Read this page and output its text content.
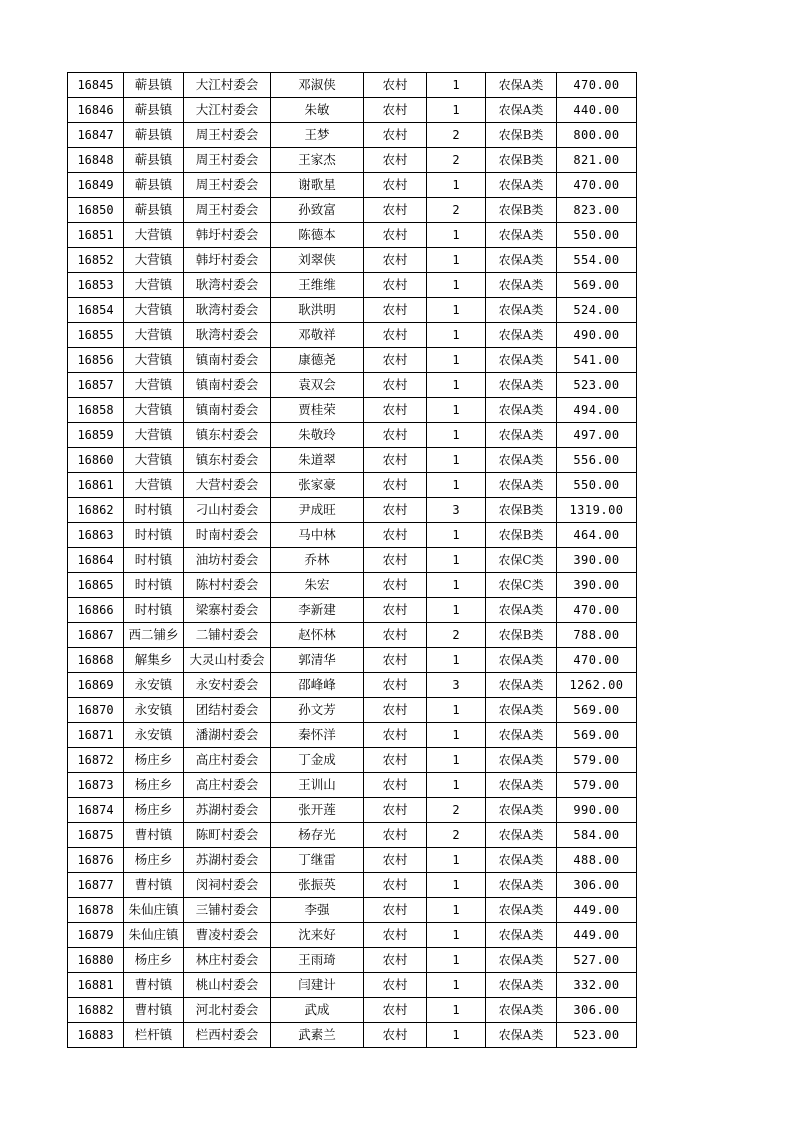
16845	蕲县镇	大江村委会	邓淑侠	农村	1	农保A类	470.00
16846	蕲县镇	大江村委会	朱敏	农村	1	农保A类	440.00
16847	蕲县镇	周王村委会	王梦	农村	2	农保B类	800.00
16848	蕲县镇	周王村委会	王家杰	农村	2	农保B类	821.00
16849	蕲县镇	周王村委会	谢歌星	农村	1	农保A类	470.00
16850	蕲县镇	周王村委会	孙致富	农村	2	农保B类	823.00
16851	大营镇	韩圩村委会	陈德本	农村	1	农保A类	550.00
16852	大营镇	韩圩村委会	刘翠侠	农村	1	农保A类	554.00
16853	大营镇	耿湾村委会	王维维	农村	1	农保A类	569.00
16854	大营镇	耿湾村委会	耿洪明	农村	1	农保A类	524.00
16855	大营镇	耿湾村委会	邓敬祥	农村	1	农保A类	490.00
16856	大营镇	镇南村委会	康德尧	农村	1	农保A类	541.00
16857	大营镇	镇南村委会	袁双会	农村	1	农保A类	523.00
16858	大营镇	镇南村委会	贾桂荣	农村	1	农保A类	494.00
16859	大营镇	镇东村委会	朱敬玲	农村	1	农保A类	497.00
16860	大营镇	镇东村委会	朱道翠	农村	1	农保A类	556.00
16861	大营镇	大营村委会	张家豪	农村	1	农保A类	550.00
16862	时村镇	刁山村委会	尹成旺	农村	3	农保B类	1319.00
16863	时村镇	时南村委会	马中林	农村	1	农保B类	464.00
16864	时村镇	油坊村委会	乔林	农村	1	农保C类	390.00
16865	时村镇	陈村村委会	朱宏	农村	1	农保C类	390.00
16866	时村镇	梁寨村委会	李新建	农村	1	农保A类	470.00
16867	西二铺乡	二铺村委会	赵怀林	农村	2	农保B类	788.00
16868	解集乡	大灵山村委会	郭清华	农村	1	农保A类	470.00
16869	永安镇	永安村委会	邵峰峰	农村	3	农保A类	1262.00
16870	永安镇	团结村委会	孙文芳	农村	1	农保A类	569.00
16871	永安镇	潘湖村委会	秦怀洋	农村	1	农保A类	569.00
16872	杨庄乡	高庄村委会	丁金成	农村	1	农保A类	579.00
16873	杨庄乡	高庄村委会	王训山	农村	1	农保A类	579.00
16874	杨庄乡	苏湖村委会	张开莲	农村	2	农保A类	990.00
16875	曹村镇	陈町村委会	杨存光	农村	2	农保A类	584.00
16876	杨庄乡	苏湖村委会	丁继雷	农村	1	农保A类	488.00
16877	曹村镇	闵祠村委会	张振英	农村	1	农保A类	306.00
16878	朱仙庄镇	三铺村委会	李强	农村	1	农保A类	449.00
16879	朱仙庄镇	曹凌村委会	沈来好	农村	1	农保A类	449.00
16880	杨庄乡	林庄村委会	王雨琦	农村	1	农保A类	527.00
16881	曹村镇	桃山村委会	闫建计	农村	1	农保A类	332.00
16882	曹村镇	河北村委会	武成	农村	1	农保A类	306.00
16883	栏杆镇	栏西村委会	武素兰	农村	1	农保A类	523.00
